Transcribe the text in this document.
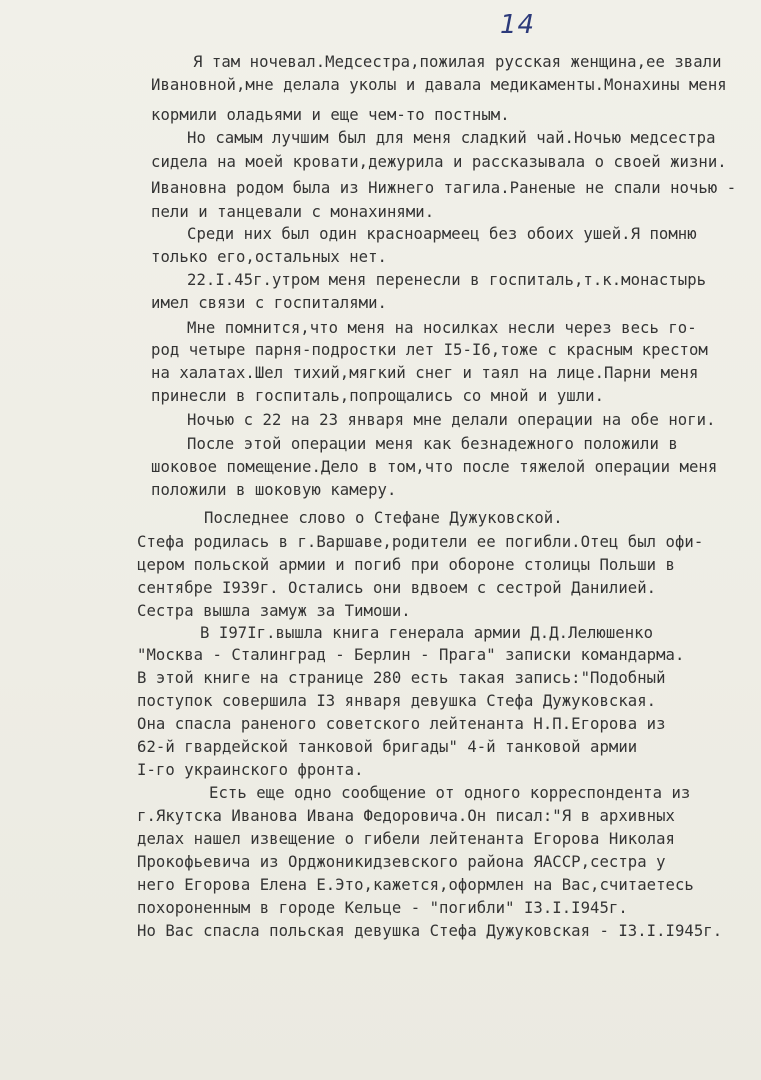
14
Я там ночевал.Медсестра,пожилая русская женщина,ее звали
Ивановной,мне делала уколы и давала медикаменты.Монахины меня
кормили оладьями и еще чем-то постным.
Но самым лучшим был для меня сладкий чай.Ночью медсестра
сидела на моей кровати,дежурила и рассказывала о своей жизни.
Ивановна родом была из Нижнего тагила.Раненые не спали ночью -
пели и танцевали с монахинями.
Среди них был один красноармеец без обоих ушей.Я помню
только его,остальных нет.
22.I.45г.утром меня перенесли в госпиталь,т.к.монастырь
имел связи с госпиталями.
Мне помнится,что меня на носилках несли через весь го-
род четыре парня-подростки лет I5-I6,тоже с красным крестом
на халатах.Шел тихий,мягкий снег и таял на лице.Парни меня
принесли в госпиталь,попрощались со мной и ушли.
Ночью с 22 на 23 января мне делали операции на обе ноги.
После этой операции меня как безнадежного положили в
шоковое помещение.Дело в том,что после тяжелой операции меня
положили в шоковую камеру.
Последнее слово о Стефане Дужуковской.
Стефа родилась в г.Варшаве,родители ее погибли.Отец был офи-
цером польской армии и погиб при обороне столицы Польши в
сентябре I939г. Остались они вдвоем с сестрой Данилией.
Сестра вышла замуж за Тимоши.
В I97Iг.вышла книга генерала армии Д.Д.Лелюшенко
"Москва - Сталинград - Берлин - Прага" записки командарма.
В этой книге на странице 280 есть такая запись:"Подобный
поступок совершила I3 января девушка Стефа Дужуковская.
Она спасла раненого советского лейтенанта Н.П.Егорова из
62-й гвардейской танковой бригады" 4-й танковой армии
I-го украинского фронта.
Есть еще одно сообщение от одного корреспондента из
г.Якутска Иванова Ивана Федоровича.Он писал:"Я в архивных
делах нашел извещение о гибели лейтенанта Егорова Николая
Прокофьевича из Орджоникидзевского района ЯАССР,сестра у
него Егорова Елена Е.Это,кажется,оформлен на Вас,считаетесь
похороненным в городе Кельце - "погибли" I3.I.I945г.
Но Вас спасла польская девушка Стефа Дужуковская - I3.I.I945г.
